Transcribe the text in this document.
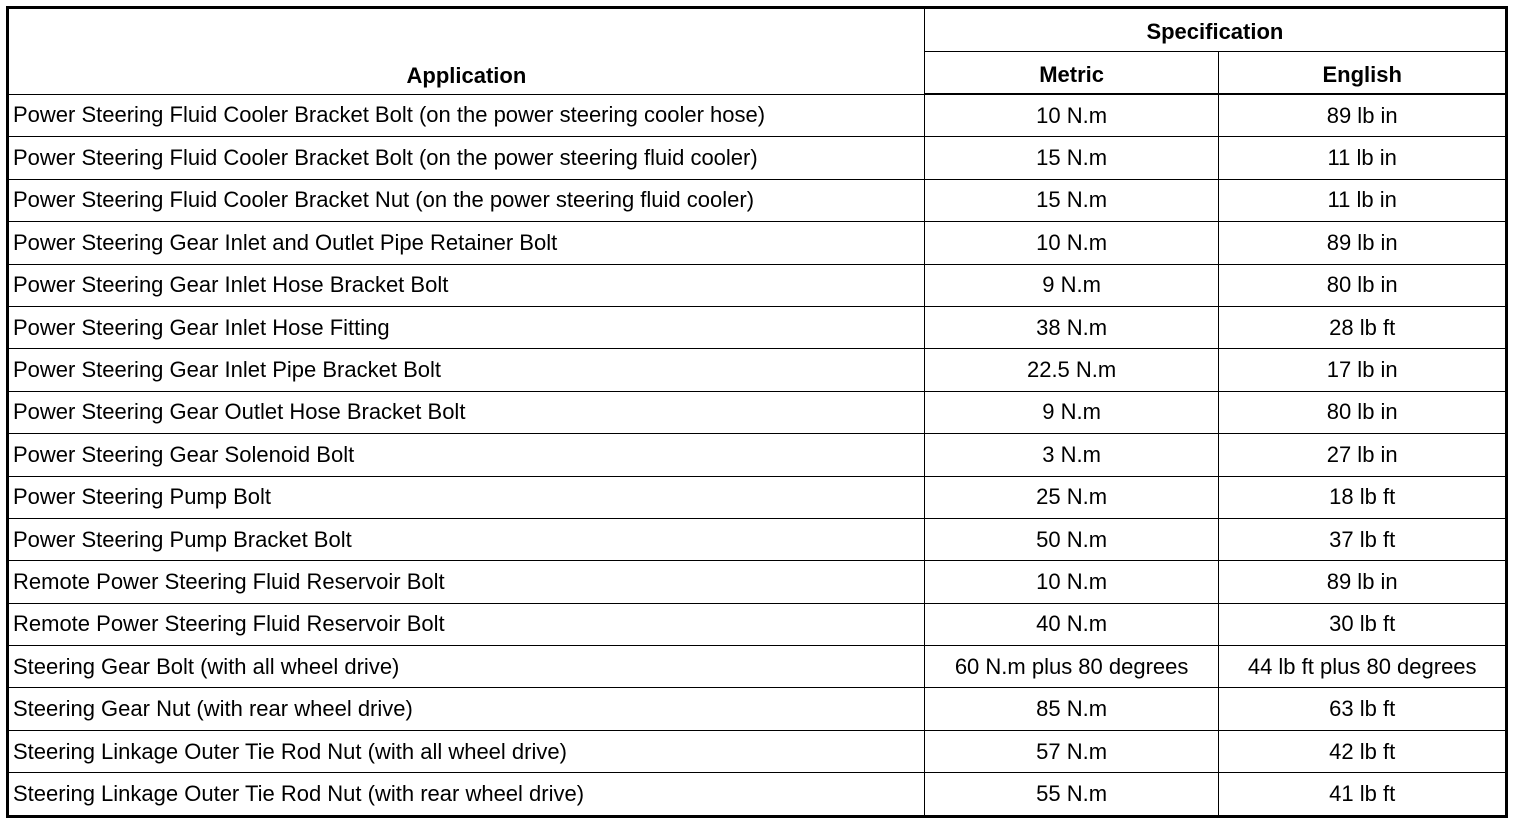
Application	Specification	
	Metric	English
Power Steering Fluid Cooler Bracket Bolt (on the power steering cooler hose)	10 N.m	89 lb in
Power Steering Fluid Cooler Bracket Bolt (on the power steering fluid cooler)	15 N.m	11 lb in
Power Steering Fluid Cooler Bracket Nut (on the power steering fluid cooler)	15 N.m	11 lb in
Power Steering Gear Inlet and Outlet Pipe Retainer Bolt	10 N.m	89 lb in
Power Steering Gear Inlet Hose Bracket Bolt	9 N.m	80 lb in
Power Steering Gear Inlet Hose Fitting	38 N.m	28 lb ft
Power Steering Gear Inlet Pipe Bracket Bolt	22.5 N.m	17 lb in
Power Steering Gear Outlet Hose Bracket Bolt	9 N.m	80 lb in
Power Steering Gear Solenoid Bolt	3 N.m	27 lb in
Power Steering Pump Bolt	25 N.m	18 lb ft
Power Steering Pump Bracket Bolt	50 N.m	37 lb ft
Remote Power Steering Fluid Reservoir Bolt	10 N.m	89 lb in
Remote Power Steering Fluid Reservoir Bolt	40 N.m	30 lb ft
Steering Gear Bolt (with all wheel drive)	60 N.m plus 80 degrees	44 lb ft plus 80 degrees
Steering Gear Nut (with rear wheel drive)	85 N.m	63 lb ft
Steering Linkage Outer Tie Rod Nut (with all wheel drive)	57 N.m	42 lb ft
Steering Linkage Outer Tie Rod Nut (with rear wheel drive)	55 N.m	41 lb ft
